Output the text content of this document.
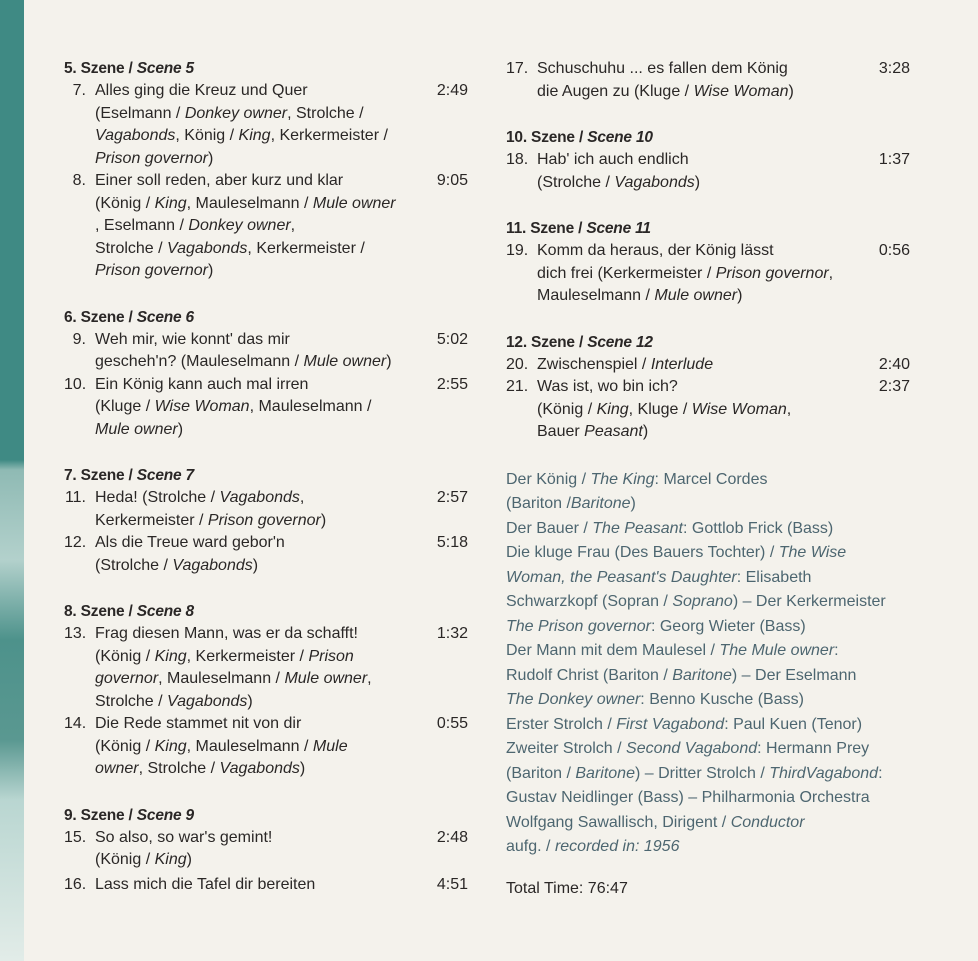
5. Szene / Scene 5
7. Alles ging die Kreuz und Quer
(Eselmann / Donkey owner, Strolche /
Vagabonds, König / King, Kerkermeister /
Prison governor)
2:49
8. Einer soll reden, aber kurz und klar
(König / King, Mauleselmann / Mule owner
, Eselmann / Donkey owner,
Strolche / Vagabonds, Kerkermeister /
Prison governor)
9:05
6. Szene / Scene 6
9. Weh mir, wie konnt' das mir
gescheh'n? (Mauleselmann / Mule owner)
5:02
10. Ein König kann auch mal irren
(Kluge / Wise Woman, Mauleselmann /
Mule owner)
2:55
7. Szene / Scene 7
11. Heda! (Strolche / Vagabonds,
Kerkermeister / Prison governor)
2:57
12. Als die Treue ward gebor'n
(Strolche / Vagabonds)
5:18
8. Szene / Scene 8
13. Frag diesen Mann, was er da schafft!
(König / King, Kerkermeister / Prison
governor, Mauleselmann / Mule owner,
Strolche / Vagabonds)
1:32
14. Die Rede stammet nit von dir
(König / King, Mauleselmann / Mule
owner, Strolche / Vagabonds)
0:55
9. Szene / Scene 9
15. So also, so war's gemint!
(König / King)
2:48
16. Lass mich die Tafel dir bereiten	4:51
17. Schuschuhu ... es fallen dem König
die Augen zu (Kluge / Wise Woman)
3:28
10. Szene / Scene 10
18. Hab' ich auch endlich
(Strolche / Vagabonds)
1:37
11. Szene / Scene 11
19. Komm da heraus, der König lässt
dich frei (Kerkermeister / Prison governor,
Mauleselmann / Mule owner)
0:56
12. Szene / Scene 12
20. Zwischenspiel / Interlude	2:40
21. Was ist, wo bin ich?
(König / King, Kluge / Wise Woman,
Bauer Peasant)
2:37
Der König / The King: Marcel Cordes
(Bariton /Baritone)
Der Bauer / The Peasant: Gottlob Frick (Bass)
Die kluge Frau (Des Bauers Tochter) / The Wise
Woman, the Peasant's Daughter: Elisabeth
Schwarzkopf (Sopran / Soprano) – Der Kerkermeister
The Prison governor: Georg Wieter (Bass)
Der Mann mit dem Maulesel / The Mule owner:
Rudolf Christ (Bariton / Baritone) – Der Eselmann
The Donkey owner: Benno Kusche (Bass)
Erster Strolch / First Vagabond: Paul Kuen (Tenor)
Zweiter Strolch / Second Vagabond: Hermann Prey
(Bariton / Baritone) – Dritter Strolch / ThirdVagabond:
Gustav Neidlinger (Bass) – Philharmonia Orchestra
Wolfgang Sawallisch, Dirigent / Conductor
aufg. / recorded in: 1956
Total Time: 76:47
